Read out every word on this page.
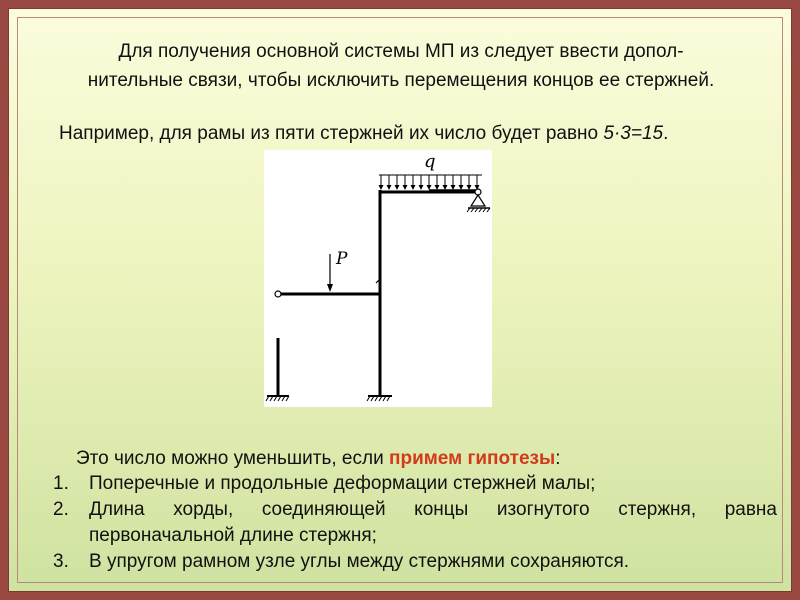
Для получения основной системы МП из следует ввести допол-
нительные связи, чтобы исключить перемещения концов ее стержней.
Например, для рамы из пяти стержней их число будет равно 5·3=15.
q
P
Это число можно уменьшить, если примем гипотезы:
1.	Поперечные и продольные деформации стержней малы;
2.	Длина хорды, соединяющей концы изогнутого стержня, равна первоначальной длине стержня;
3.	В упругом рамном узле углы между стержнями сохраняются.
